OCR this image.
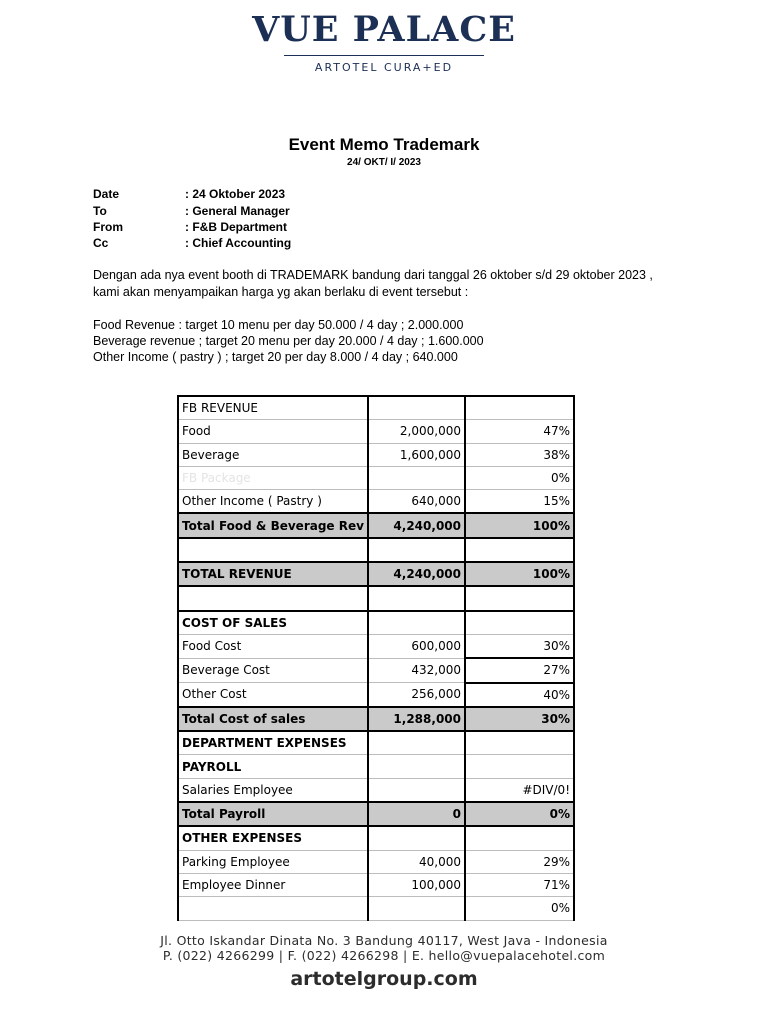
VUE PALACE
ARTOTEL CURA+ED
Event Memo Trademark
24/ OKT/ I/ 2023
Date	: 24 Oktober 2023
To	: General Manager
From	: F&B Department
Cc	: Chief Accounting
Dengan ada nya event booth di TRADEMARK bandung dari tanggal 26 oktober s/d 29 oktober 2023 ,
kami akan menyampaikan harga yg akan berlaku di event tersebut :
Food Revenue : target 10 menu per day 50.000 / 4 day ; 2.000.000
Beverage revenue ; target 20 menu per day 20.000 / 4 day ; 1.600.000
Other Income ( pastry ) ; target 20 per day 8.000 / 4 day ; 640.000
FB REVENUE		
Food	2,000,000	47%
Beverage	1,600,000	38%
FB Package		0%
Other Income ( Pastry )	640,000	15%
Total Food & Beverage Rev	4,240,000	100%

TOTAL REVENUE	4,240,000	100%

COST OF SALES		
Food Cost	600,000	30%
Beverage Cost	432,000	27%
Other Cost	256,000	40%
Total Cost of sales	1,288,000	30%
DEPARTMENT EXPENSES		
PAYROLL		
Salaries Employee		#DIV/0!
Total Payroll	0	0%
OTHER EXPENSES		
Parking Employee	40,000	29%
Employee Dinner	100,000	71%
		0%
Jl. Otto Iskandar Dinata No. 3 Bandung 40117, West Java - Indonesia
P. (022) 4266299 | F. (022) 4266298 | E. hello@vuepalacehotel.com
artotelgroup.com
